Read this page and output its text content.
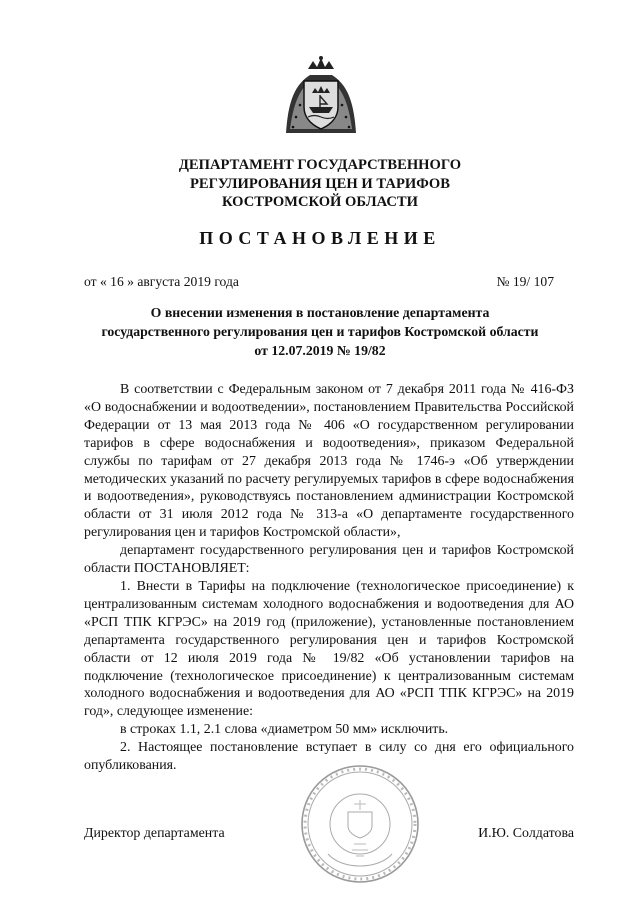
ДЕПАРТАМЕНТ ГОСУДАРСТВЕННОГО
РЕГУЛИРОВАНИЯ ЦЕН И ТАРИФОВ
КОСТРОМСКОЙ ОБЛАСТИ
ПОСТАНОВЛЕНИЕ
от « 16 » августа 2019 года	№ 19/ 107
О внесении изменения в постановление департамента
государственного регулирования цен и тарифов Костромской области
от 12.07.2019 № 19/82

В соответствии с Федеральным законом от 7 декабря 2011 года № 416-ФЗ «О водоснабжении и водоотведении», постановлением Правительства Российской Федерации от 13 мая 2013 года № 406 «О государственном регулировании тарифов в сфере водоснабжения и водоотведения», приказом Федеральной службы по тарифам от 27 декабря 2013 года № 1746-э «Об утверждении методических указаний по расчету регулируемых тарифов в сфере водоснабжения и водоотведения», руководствуясь постановлением администрации Костромской области от 31 июля 2012 года № 313-а «О департаменте государственного регулирования цен и тарифов Костромской области»,

департамент государственного регулирования цен и тарифов Костромской области ПОСТАНОВЛЯЕТ:

1. Внести в Тарифы на подключение (технологическое присоединение) к централизованным системам холодного водоснабжения и водоотведения для АО «РСП ТПК КГРЭС» на 2019 год (приложение), установленные постановлением департамента государственного регулирования цен и тарифов Костромской области от 12 июля 2019 года № 19/82 «Об установлении тарифов на подключение (технологическое присоединение) к централизованным системам холодного водоснабжения и водоотведения для АО «РСП ТПК КГРЭС» на 2019 год», следующее изменение:

в строках 1.1, 2.1 слова «диаметром 50 мм» исключить.

2. Настоящее постановление вступает в силу со дня его официального опубликования.

Директор департамента	И.Ю. Солдатова
